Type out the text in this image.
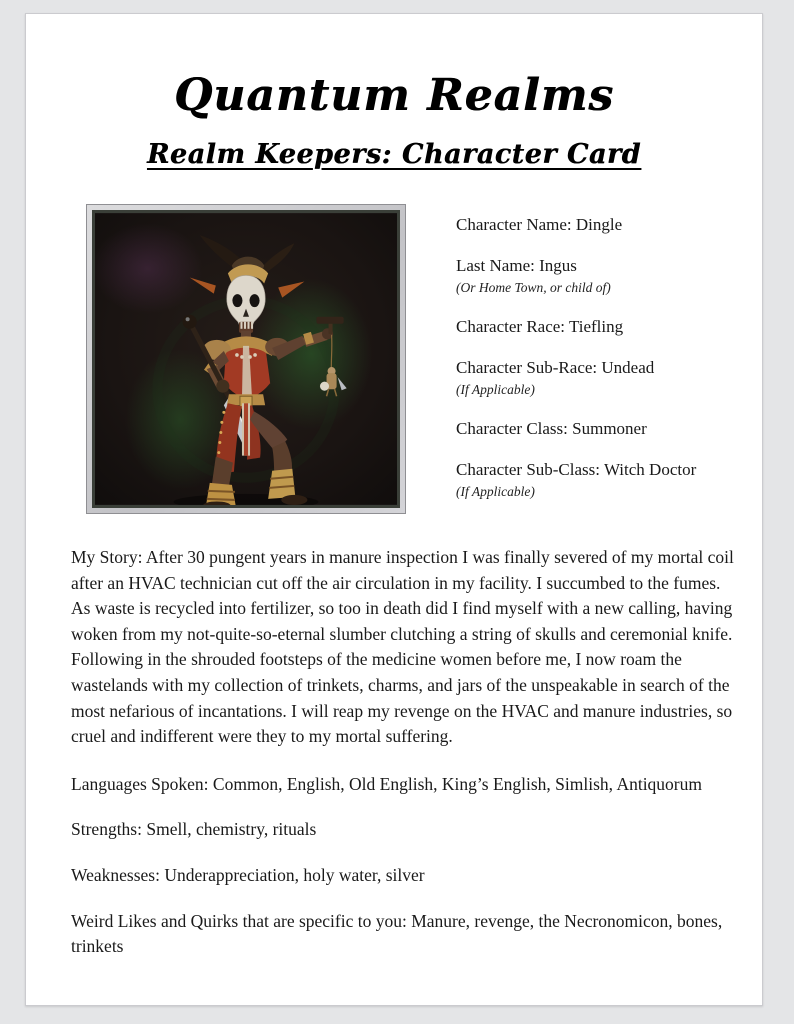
Quantum Realms
Realm Keepers: Character Card

Character Name: Dingle

Last Name: Ingus

(Or Home Town, or child of)

Character Race: Tiefling

Character Sub-Race: Undead

(If Applicable)

Character Class: Summoner

Character Sub-Class: Witch Doctor

(If Applicable)

My Story: After 30 pungent years in manure inspection I was finally severed of my mortal coil after an HVAC technician cut off the air circulation in my facility. I succumbed to the fumes. As waste is recycled into fertilizer, so too in death did I find myself with a new calling, having woken from my not-quite-so-eternal slumber clutching a string of skulls and ceremonial knife. Following in the shrouded footsteps of the medicine women before me, I now roam the wastelands with my collection of trinkets, charms, and jars of the unspeakable in search of the most nefarious of incantations. I will reap my revenge on the HVAC and manure industries, so cruel and indifferent were they to my mortal suffering.

Languages Spoken: Common, English, Old English, King’s English, Simlish, Antiquorum

Strengths: Smell, chemistry, rituals

Weaknesses: Underappreciation, holy water, silver

Weird Likes and Quirks that are specific to you: Manure, revenge, the Necronomicon, bones, trinkets
